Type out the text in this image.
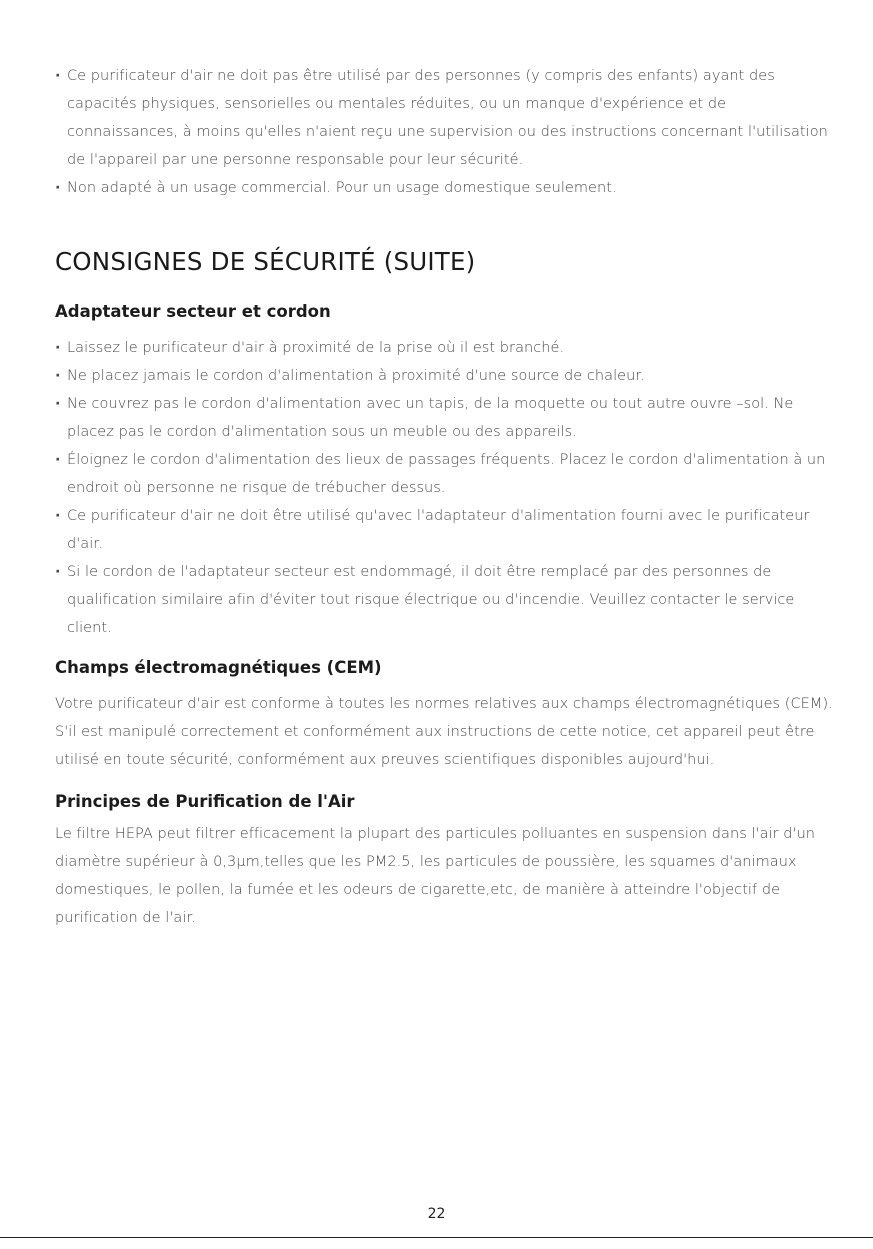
· Ce purificateur d'air ne doit pas être utilisé par des personnes (y compris des enfants) ayant des capacités physiques, sensorielles ou mentales réduites, ou un manque d'expérience et de connaissances, à moins qu'elles n'aient reçu une supervision ou des instructions concernant l'utilisation de l'appareil par une personne responsable pour leur sécurité.
· Non adapté à un usage commercial. Pour un usage domestique seulement.
CONSIGNES DE SÉCURITÉ (SUITE)
Adaptateur secteur et cordon
· Laissez le purificateur d'air à proximité de la prise où il est branché.
· Ne placez jamais le cordon d'alimentation à proximité d'une source de chaleur.
· Ne couvrez pas le cordon d'alimentation avec un tapis, de la moquette ou tout autre ouvre –sol. Ne placez pas le cordon d'alimentation sous un meuble ou des appareils.
· Éloignez le cordon d'alimentation des lieux de passages fréquents. Placez le cordon d'alimentation à un endroit où personne ne risque de trébucher dessus.
· Ce purificateur d'air ne doit être utilisé qu'avec l'adaptateur d'alimentation fourni avec le purificateur d'air.
· Si le cordon de l'adaptateur secteur est endommagé, il doit être remplacé par des personnes de qualification similaire afin d'éviter tout risque électrique ou d'incendie. Veuillez contacter le service client.
Champs électromagnétiques (CEM)

Votre purificateur d'air est conforme à toutes les normes relatives aux champs électromagnétiques (CEM). S'il est manipulé correctement et conformément aux instructions de cette notice, cet appareil peut être utilisé en toute sécurité, conformément aux preuves scientifiques disponibles aujourd'hui.

Principes de Purification de l'Air

Le filtre HEPA peut filtrer efficacement la plupart des particules polluantes en suspension dans l'air d'un diamètre supérieur à 0,3μm,telles que les PM2.5, les particules de poussière, les squames d'animaux domestiques, le pollen, la fumée et les odeurs de cigarette,etc, de manière à atteindre l'objectif de purification de l'air.

22
